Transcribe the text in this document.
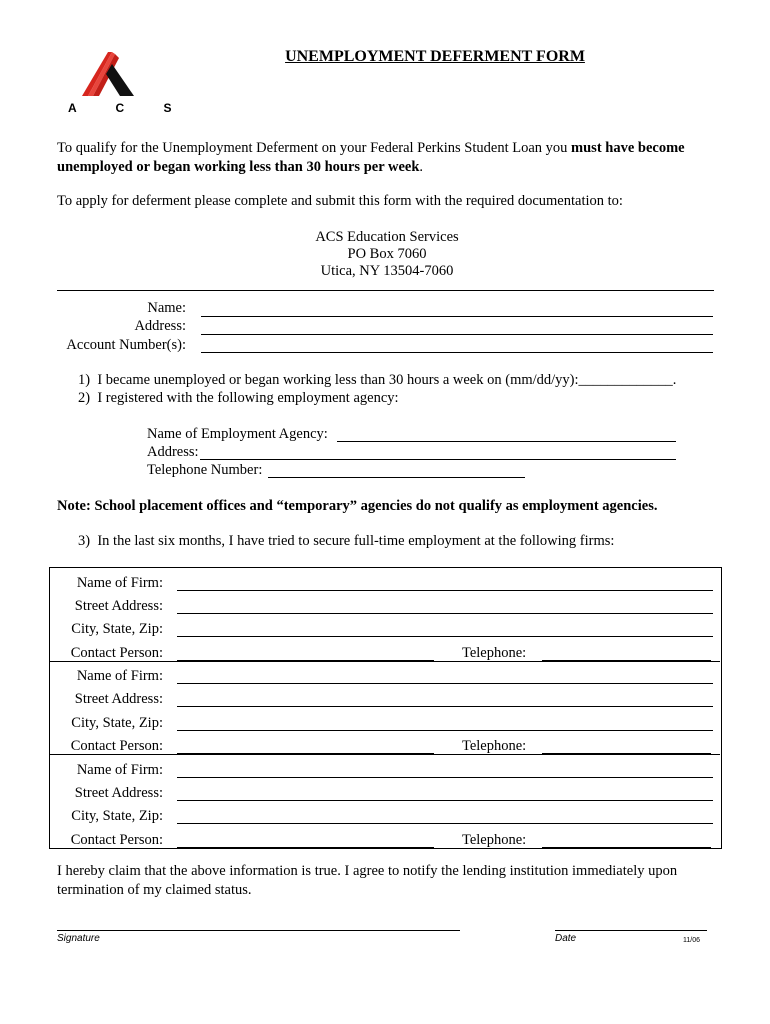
A C S
UNEMPLOYMENT DEFERMENT FORM
To qualify for the Unemployment Deferment on your Federal Perkins Student Loan you must have become unemployed or began working less than 30 hours per week.
To apply for deferment please complete and submit this form with the required documentation to:
ACS Education Services
PO Box 7060
Utica, NY 13504-7060
Name:
Address:
Account Number(s):
1) I became unemployed or began working less than 30 hours a week on (mm/dd/yy):_____________.
2) I registered with the following employment agency:
Name of Employment Agency:
Address:
Telephone Number:
Note: School placement offices and “temporary” agencies do not qualify as employment agencies.
3) In the last six months, I have tried to secure full-time employment at the following firms:
Name of Firm:
Street Address:
City, State, Zip:
Contact Person:	Telephone:
Name of Firm:
Street Address:
City, State, Zip:
Contact Person:	Telephone:
Name of Firm:
Street Address:
City, State, Zip:
Contact Person:	Telephone:
I hereby claim that the above information is true. I agree to notify the lending institution immediately upon termination of my claimed status.
Signature	Date	11/06
